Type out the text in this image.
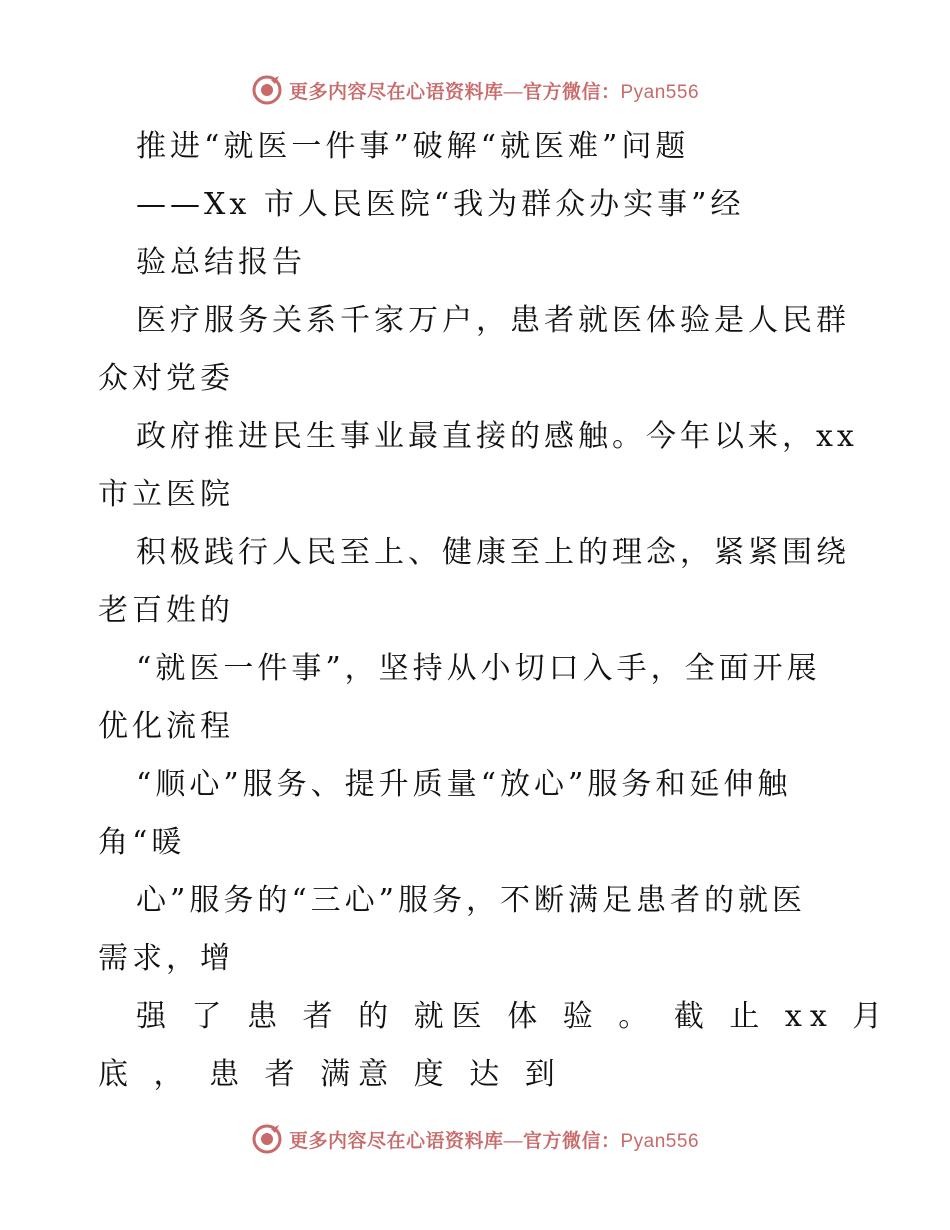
更多内容尽在心语资料库—官方微信：Pyan556
推进“就医一件事”破解“就医难”问题
——Xx 市人民医院“我为群众办实事”经
验总结报告
医疗服务关系千家万户，患者就医体验是人民群
众对党委
政府推进民生事业最直接的感触。今年以来，xx
市立医院
积极践行人民至上、健康至上的理念，紧紧围绕
老百姓的
“就医一件事”，坚持从小切口入手，全面开展
优化流程
“顺心”服务、提升质量“放心”服务和延伸触
角“暖
心”服务的“三心”服务，不断满足患者的就医
需求，增
强 了 患 者 的 就医 体 验 。 截 止 xx 月
底 ， 患 者 满意 度 达 到
更多内容尽在心语资料库—官方微信：Pyan556
